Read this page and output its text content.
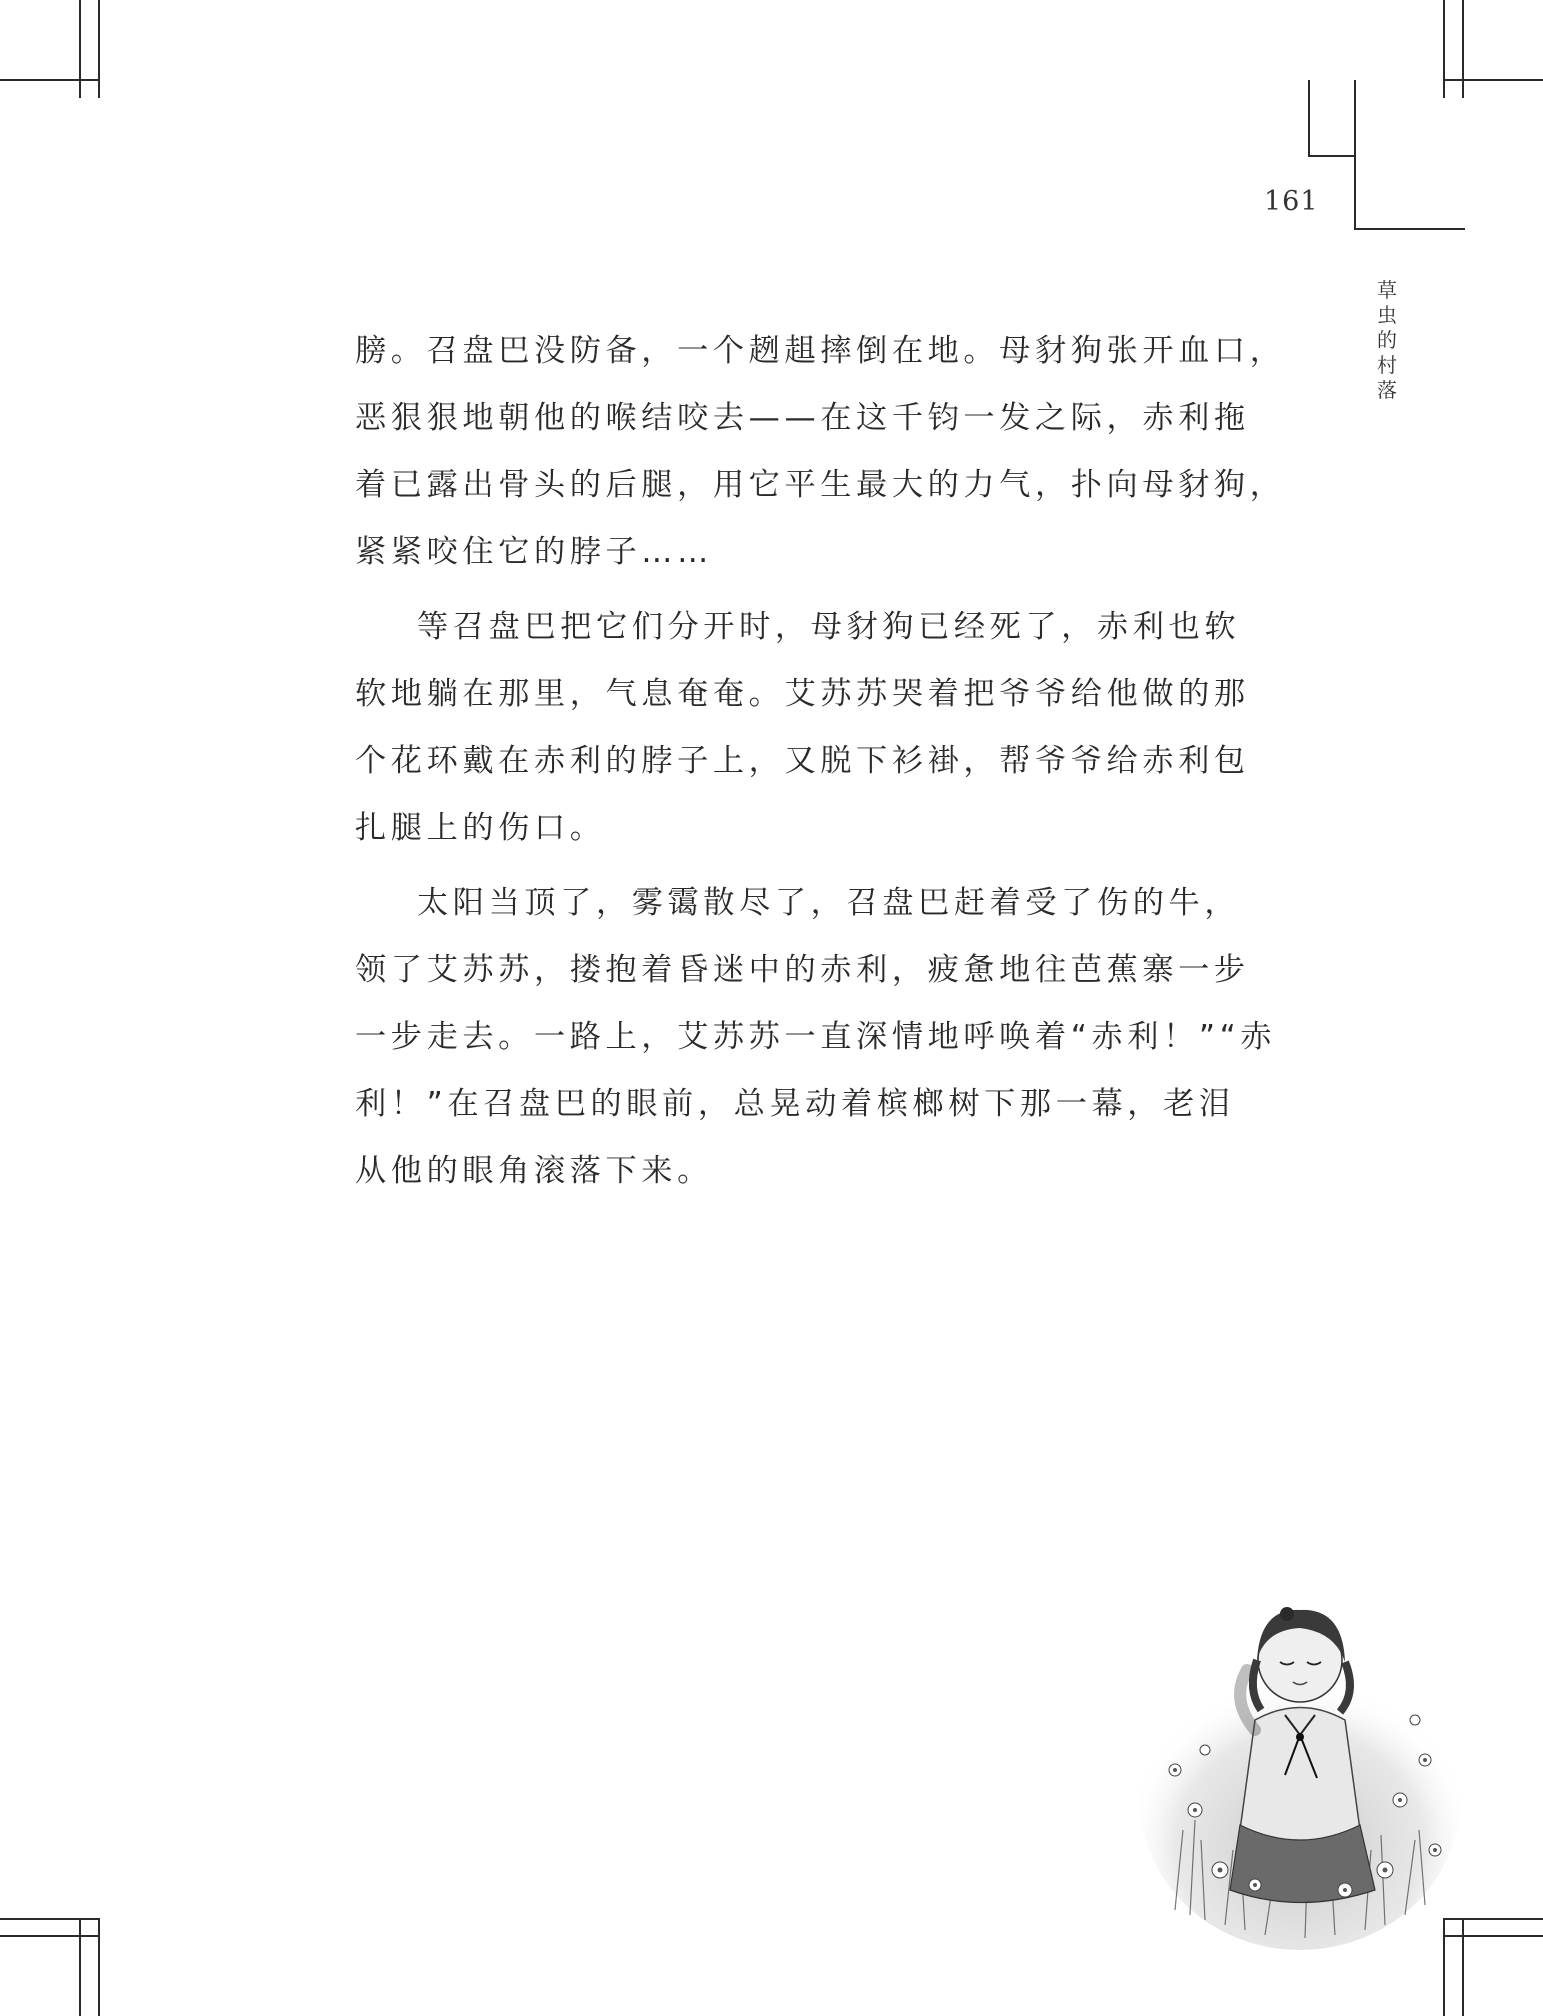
161
草
虫
的
村
落

膀。召盘巴没防备，一个趔趄摔倒在地。母豺狗张开血口，
恶狠狠地朝他的喉结咬去——在这千钧一发之际，赤利拖
着已露出骨头的后腿，用它平生最大的力气，扑向母豺狗，
紧紧咬住它的脖子……

等召盘巴把它们分开时，母豺狗已经死了，赤利也软
软地躺在那里，气息奄奄。艾苏苏哭着把爷爷给他做的那
个花环戴在赤利的脖子上，又脱下衫褂，帮爷爷给赤利包
扎腿上的伤口。

太阳当顶了，雾霭散尽了，召盘巴赶着受了伤的牛，
领了艾苏苏，搂抱着昏迷中的赤利，疲惫地往芭蕉寨一步
一步走去。一路上，艾苏苏一直深情地呼唤着“赤利！”“赤
利！”在召盘巴的眼前，总晃动着槟榔树下那一幕，老泪
从他的眼角滚落下来。
